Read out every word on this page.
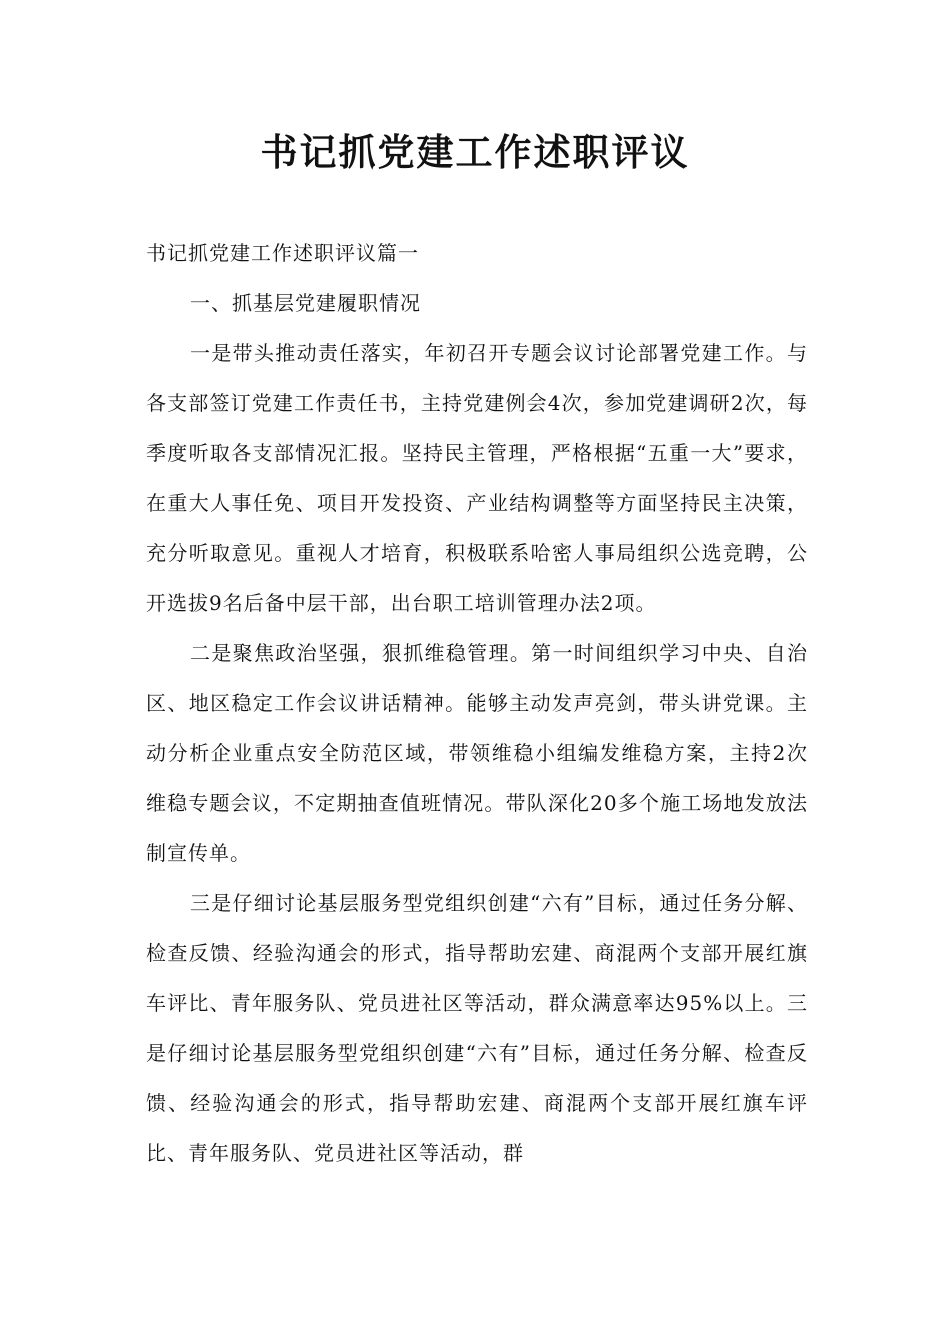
书记抓党建工作述职评议

书记抓党建工作述职评议篇一

一、抓基层党建履职情况

一是带头推动责任落实，年初召开专题会议讨论部署党建工作。与各支部签订党建工作责任书，主持党建例会4次，参加党建调研2次，每季度听取各支部情况汇报。坚持民主管理，严格根据“五重一大”要求，在重大人事任免、项目开发投资、产业结构调整等方面坚持民主决策，充分听取意见。重视人才培育，积极联系哈密人事局组织公选竞聘，公开选拔9名后备中层干部，出台职工培训管理办法2项。

二是聚焦政治坚强，狠抓维稳管理。第一时间组织学习中央、自治区、地区稳定工作会议讲话精神。能够主动发声亮剑，带头讲党课。主动分析企业重点安全防范区域，带领维稳小组编发维稳方案，主持2次维稳专题会议，不定期抽查值班情况。带队深化20多个施工场地发放法制宣传单。

三是仔细讨论基层服务型党组织创建“六有”目标，通过任务分解、检查反馈、经验沟通会的形式，指导帮助宏建、商混两个支部开展红旗车评比、青年服务队、党员进社区等活动，群众满意率达95%以上。三是仔细讨论基层服务型党组织创建“六有”目标，通过任务分解、检查反馈、经验沟通会的形式，指导帮助宏建、商混两个支部开展红旗车评比、青年服务队、党员进社区等活动，群
